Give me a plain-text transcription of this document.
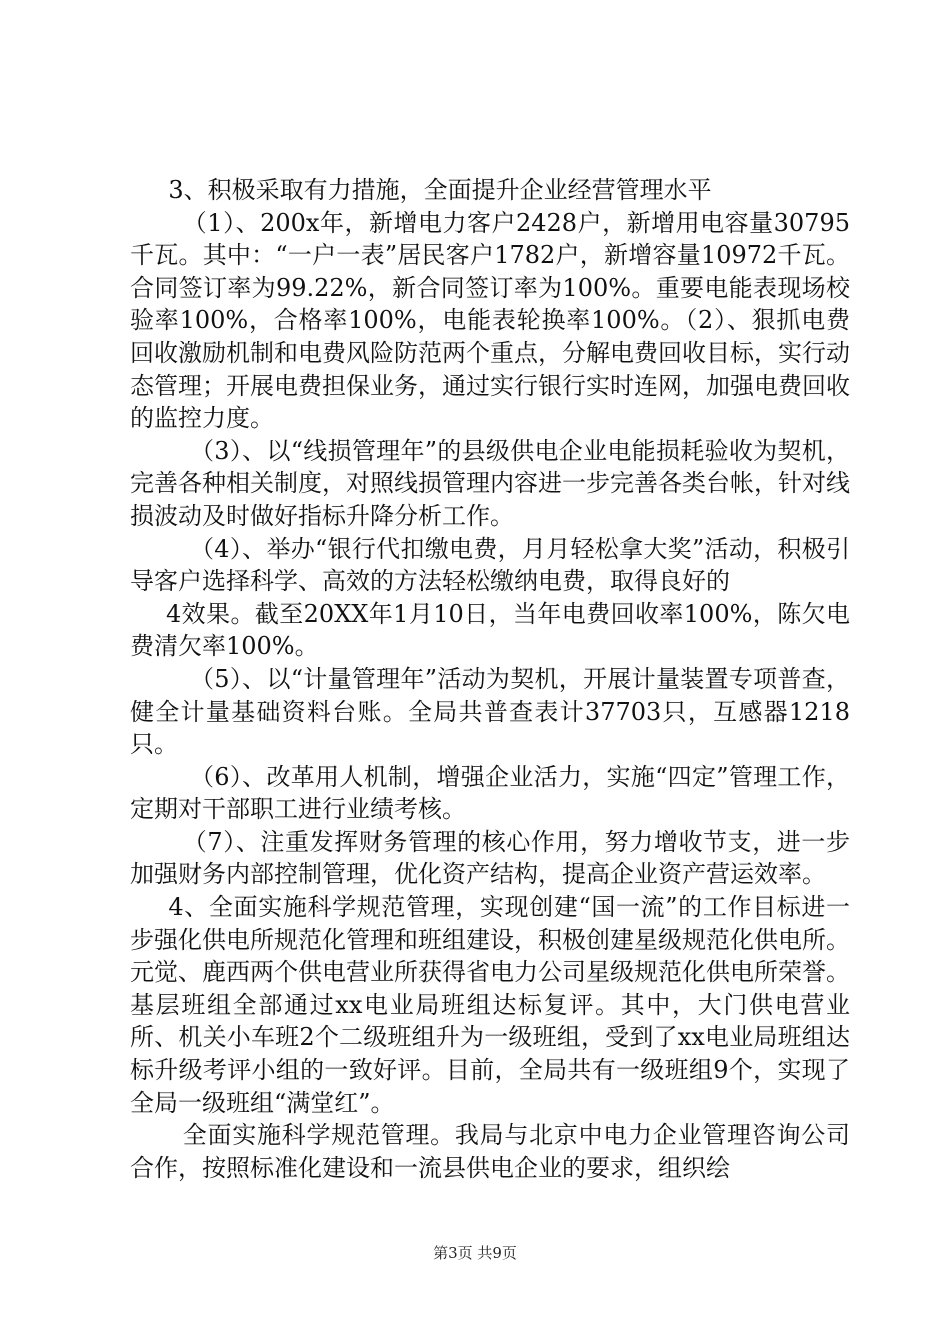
3、积极采取有力措施，全面提升企业经营管理水平

（1）、200x年，新增电力客户2428户，新增用电容量30795千瓦。其中：“一户一表”居民客户1782户，新增容量10972千瓦。合同签订率为99.22%，新合同签订率为100%。重要电能表现场校验率100%，合格率100%，电能表轮换率100%。（2）、狠抓电费回收激励机制和电费风险防范两个重点，分解电费回收目标，实行动态管理；开展电费担保业务，通过实行银行实时连网，加强电费回收的监控力度。

（3）、以“线损管理年”的县级供电企业电能损耗验收为契机，完善各种相关制度，对照线损管理内容进一步完善各类台帐，针对线损波动及时做好指标升降分析工作。

（4）、举办“银行代扣缴电费，月月轻松拿大奖”活动，积极引导客户选择科学、高效的方法轻松缴纳电费，取得良好的

4效果。截至20XX年1月10日，当年电费回收率100%，陈欠电费清欠率100%。

（5）、以“计量管理年”活动为契机，开展计量装置专项普查，健全计量基础资料台账。全局共普查表计37703只，互感器1218只。

（6）、改革用人机制，增强企业活力，实施“四定”管理工作，定期对干部职工进行业绩考核。

（7）、注重发挥财务管理的核心作用，努力增收节支，进一步加强财务内部控制管理，优化资产结构，提高企业资产营运效率。

4、全面实施科学规范管理，实现创建“国一流”的工作目标进一步强化供电所规范化管理和班组建设，积极创建星级规范化供电所。元觉、鹿西两个供电营业所获得省电力公司星级规范化供电所荣誉。基层班组全部通过xx电业局班组达标复评。其中，大门供电营业所、机关小车班2个二级班组升为一级班组，受到了xx电业局班组达标升级考评小组的一致好评。目前，全局共有一级班组9个，实现了全局一级班组“满堂红”。

全面实施科学规范管理。我局与北京中电力企业管理咨询公司合作，按照标准化建设和一流县供电企业的要求，组织绘

第3页 共9页
